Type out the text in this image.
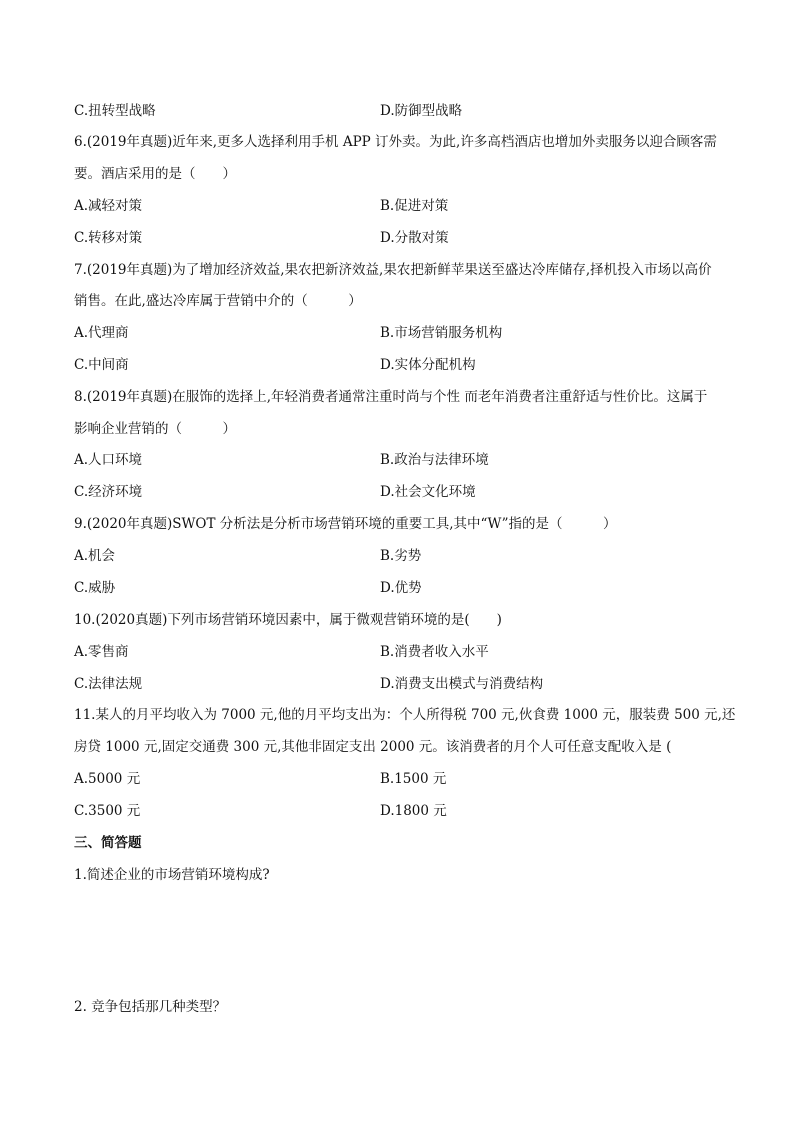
C.扭转型战略	D.防御型战略
6.(2019年真题)近年来,更多人选择利用手机 APP 订外卖。为此,许多高档酒店也增加外卖服务以迎合顾客需
要。酒店采用的是（　　）
A.减轻对策	B.促进对策
C.转移对策	D.分散对策
7.(2019年真题)为了增加经济效益,果农把新济效益,果农把新鲜苹果送至盛达冷库储存,择机投入市场以高价
销售。在此,盛达冷库属于营销中介的（　　　）
A.代理商	B.市场营销服务机构
C.中间商	D.实体分配机构
8.(2019年真题)在服饰的选择上,年轻消费者通常注重时尚与个性 而老年消费者注重舒适与性价比。这属于
影响企业营销的（　　　）
A.人口环境	B.政治与法律环境
C.经济环境	D.社会文化环境
9.(2020年真题)SWOT 分析法是分析市场营销环境的重要工具,其中“W”指的是（　　　）
A.机会	B.劣势
C.威胁	D.优势
10.(2020真题)下列市场营销环境因素中，属于微观营销环境的是(　　)
A.零售商	B.消费者收入水平
C.法律法规	D.消费支出模式与消费结构
11.某人的月平均收入为 7000 元,他的月平均支出为：个人所得税 700 元,伙食费 1000 元，服装费 500 元,还
房贷 1000 元,固定交通费 300 元,其他非固定支出 2000 元。该消费者的月个人可任意支配收入是 (
A.5000 元	B.1500 元
C.3500 元	D.1800 元
三、简答题
1.简述企业的市场营销环境构成?
2. 竞争包括那几种类型？
